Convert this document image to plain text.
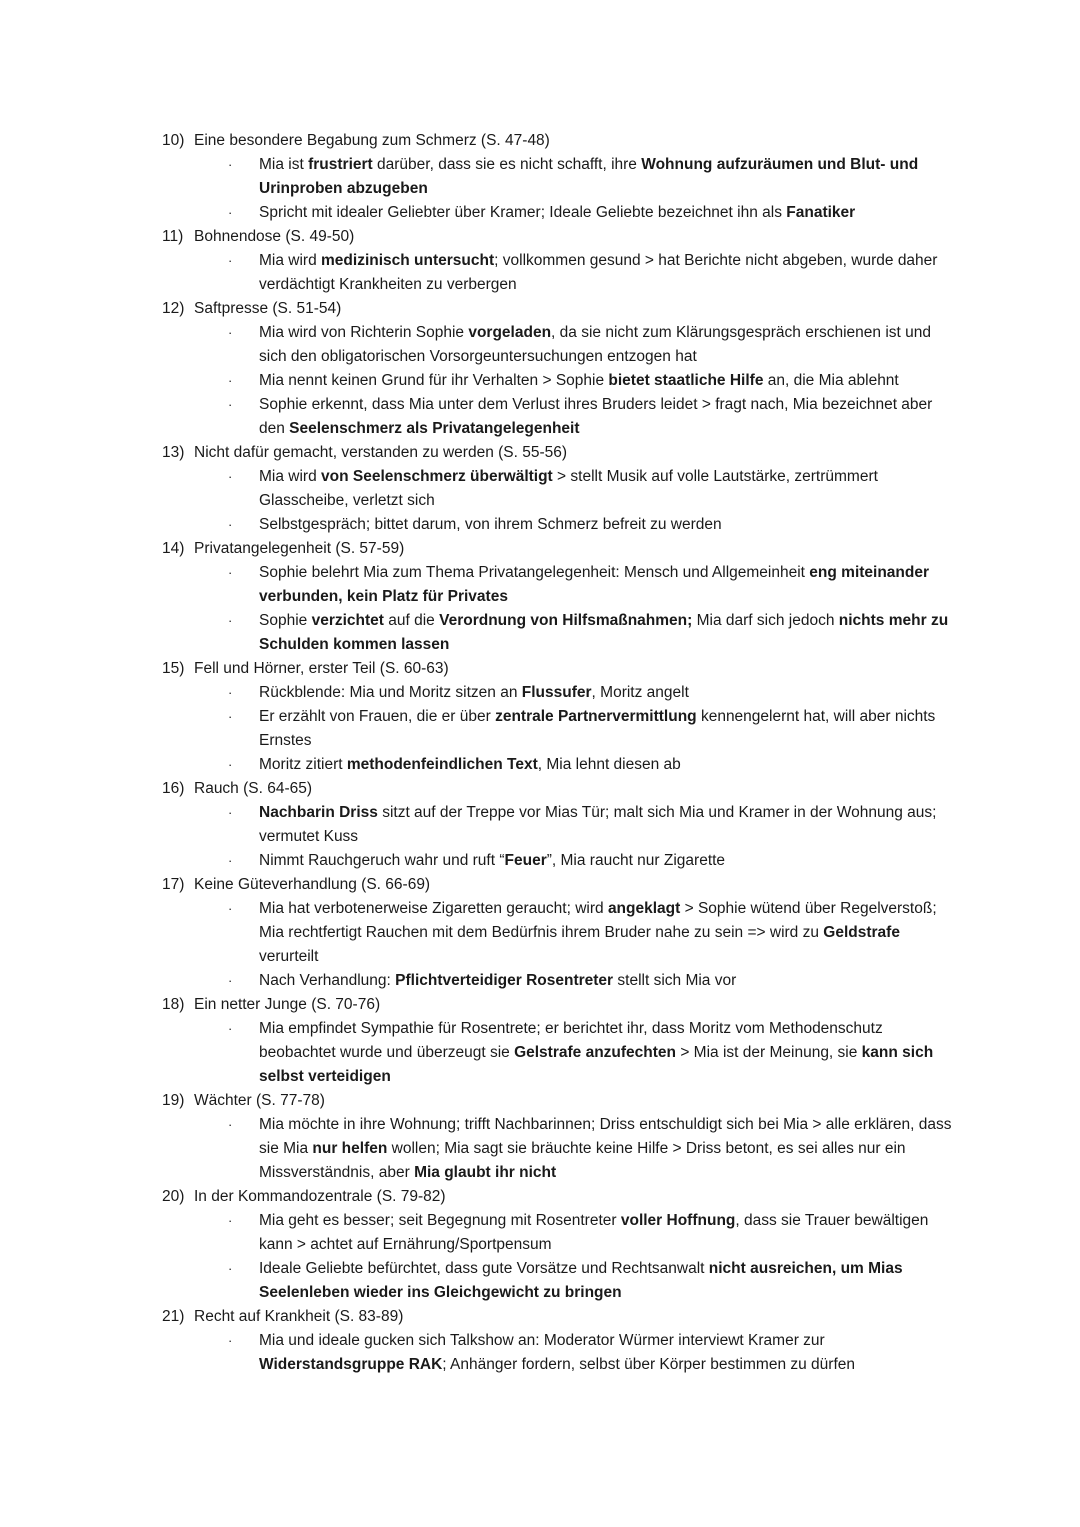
10) Eine besondere Begabung zum Schmerz (S. 47-48)
· Mia ist frustriert darüber, dass sie es nicht schafft, ihre Wohnung aufzuräumen und Blut- und Urinproben abzugeben
· Spricht mit idealer Geliebter über Kramer; Ideale Geliebte bezeichnet ihn als Fanatiker
11) Bohnendose (S. 49-50)
· Mia wird medizinisch untersucht; vollkommen gesund > hat Berichte nicht abgeben, wurde daher verdächtigt Krankheiten zu verbergen
12) Saftpresse (S. 51-54)
· Mia wird von Richterin Sophie vorgeladen, da sie nicht zum Klärungsgespräch erschienen ist und sich den obligatorischen Vorsorgeuntersuchungen entzogen hat
· Mia nennt keinen Grund für ihr Verhalten > Sophie bietet staatliche Hilfe an, die Mia ablehnt
· Sophie erkennt, dass Mia unter dem Verlust ihres Bruders leidet > fragt nach, Mia bezeichnet aber den Seelenschmerz als Privatangelegenheit
13) Nicht dafür gemacht, verstanden zu werden (S. 55-56)
· Mia wird von Seelenschmerz überwältigt > stellt Musik auf volle Lautstärke, zertrümmert Glasscheibe, verletzt sich
· Selbstgespräch; bittet darum, von ihrem Schmerz befreit zu werden
14) Privatangelegenheit (S. 57-59)
· Sophie belehrt Mia zum Thema Privatangelegenheit: Mensch und Allgemeinheit eng miteinander verbunden, kein Platz für Privates
· Sophie verzichtet auf die Verordnung von Hilfsmaßnahmen; Mia darf sich jedoch nichts mehr zu Schulden kommen lassen
15) Fell und Hörner, erster Teil (S. 60-63)
· Rückblende: Mia und Moritz sitzen an Flussufer, Moritz angelt
· Er erzählt von Frauen, die er über zentrale Partnervermittlung kennengelernt hat, will aber nichts Ernstes
· Moritz zitiert methodenfeindlichen Text, Mia lehnt diesen ab
16) Rauch (S. 64-65)
· Nachbarin Driss sitzt auf der Treppe vor Mias Tür; malt sich Mia und Kramer in der Wohnung aus; vermutet Kuss
· Nimmt Rauchgeruch wahr und ruft “Feuer”, Mia raucht nur Zigarette
17) Keine Güteverhandlung (S. 66-69)
· Mia hat verbotenerweise Zigaretten geraucht; wird angeklagt > Sophie wütend über Regelverstoß; Mia rechtfertigt Rauchen mit dem Bedürfnis ihrem Bruder nahe zu sein => wird zu Geldstrafe verurteilt
· Nach Verhandlung: Pflichtverteidiger Rosentreter stellt sich Mia vor
18) Ein netter Junge (S. 70-76)
· Mia empfindet Sympathie für Rosentrete; er berichtet ihr, dass Moritz vom Methodenschutz beobachtet wurde und überzeugt sie Gelstrafe anzufechten > Mia ist der Meinung, sie kann sich selbst verteidigen
19) Wächter (S. 77-78)
· Mia möchte in ihre Wohnung; trifft Nachbarinnen; Driss entschuldigt sich bei Mia > alle erklären, dass sie Mia nur helfen wollen; Mia sagt sie bräuchte keine Hilfe > Driss betont, es sei alles nur ein Missverständnis, aber Mia glaubt ihr nicht
20) In der Kommandozentrale (S. 79-82)
· Mia geht es besser; seit Begegnung mit Rosentreter voller Hoffnung, dass sie Trauer bewältigen kann > achtet auf Ernährung/Sportpensum
· Ideale Geliebte befürchtet, dass gute Vorsätze und Rechtsanwalt nicht ausreichen, um Mias Seelenleben wieder ins Gleichgewicht zu bringen
21) Recht auf Krankheit (S. 83-89)
· Mia und ideale gucken sich Talkshow an: Moderator Würmer interviewt Kramer zur Widerstandsgruppe RAK; Anhänger fordern, selbst über Körper bestimmen zu dürfen
